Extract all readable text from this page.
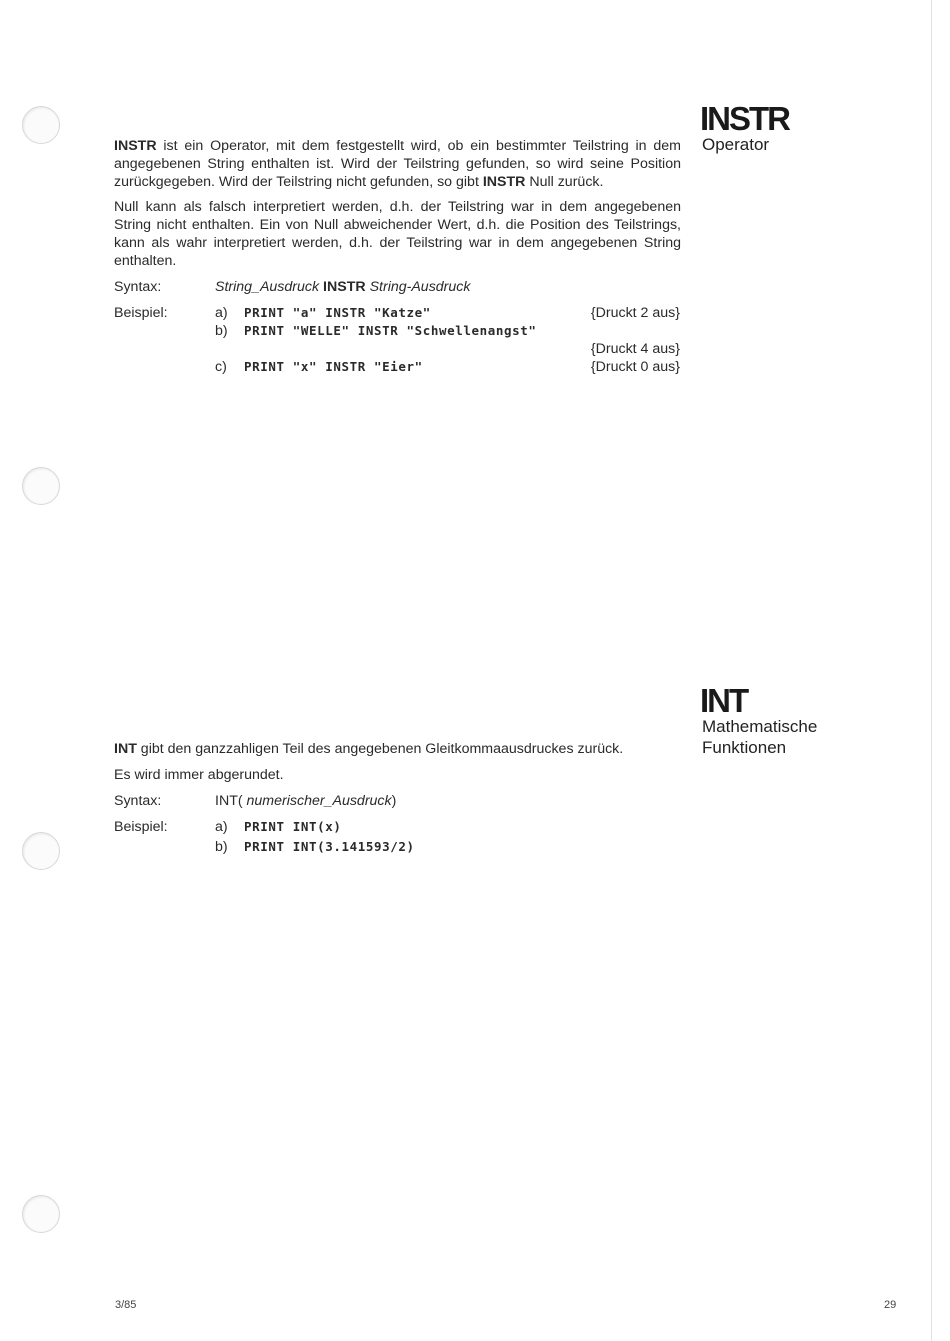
INSTR
Operator

INSTR ist ein Operator, mit dem festgestellt wird, ob ein bestimmter Teilstring in dem angegebenen String enthalten ist. Wird der Teilstring gefunden, so wird seine Position zurückgegeben. Wird der Teilstring nicht gefunden, so gibt INSTR Null zurück.

Null kann als falsch interpretiert werden, d.h. der Teilstring war in dem angegebenen String nicht enthalten. Ein von Null abweichender Wert, d.h. die Position des Teilstrings, kann als wahr interpretiert werden, d.h. der Teilstring war in dem angegebenen String enthalten.

Syntax:	String_Ausdruck INSTR String-Ausdruck
Beispiel:	a) PRINT "a" INSTR "Katze"	{Druckt 2 aus}
b) PRINT "WELLE" INSTR "Schwellenangst"
{Druckt 4 aus}
c) PRINT "x" INSTR "Eier"	{Druckt 0 aus}
INT
Mathematische
Funktionen

INT gibt den ganzzahligen Teil des angegebenen Gleitkommaausdruckes zurück.

Es wird immer abgerundet.

Syntax:	INT( numerischer_Ausdruck)
Beispiel:	a) PRINT INT(x)
b) PRINT INT(3.141593/2)
3/85	29
